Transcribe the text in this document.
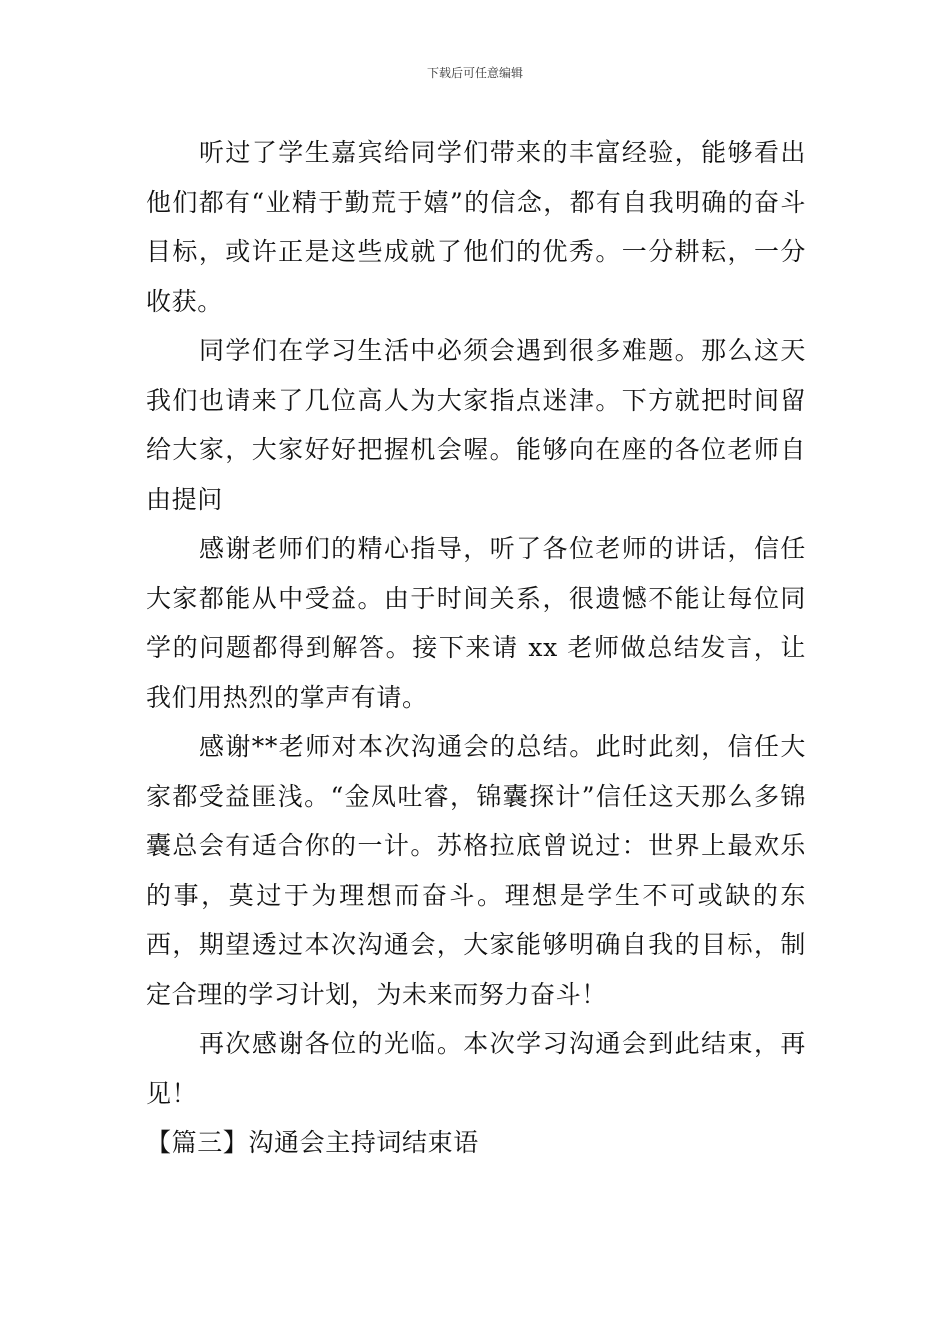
下载后可任意编辑

听过了学生嘉宾给同学们带来的丰富经验，能够看出他们都有“业精于勤荒于嬉”的信念，都有自我明确的奋斗目标，或许正是这些成就了他们的优秀。一分耕耘，一分收获。

同学们在学习生活中必须会遇到很多难题。那么这天我们也请来了几位高人为大家指点迷津。下方就把时间留给大家，大家好好把握机会喔。能够向在座的各位老师自由提问

感谢老师们的精心指导，听了各位老师的讲话，信任大家都能从中受益。由于时间关系，很遗憾不能让每位同学的问题都得到解答。接下来请 xx 老师做总结发言，让我们用热烈的掌声有请。

感谢**老师对本次沟通会的总结。此时此刻，信任大家都受益匪浅。“金凤吐睿，锦囊探计”信任这天那么多锦囊总会有适合你的一计。苏格拉底曾说过：世界上最欢乐的事，莫过于为理想而奋斗。理想是学生不可或缺的东西，期望透过本次沟通会，大家能够明确自我的目标，制定合理的学习计划，为未来而努力奋斗！

再次感谢各位的光临。本次学习沟通会到此结束，再见！

【篇三】沟通会主持词结束语
